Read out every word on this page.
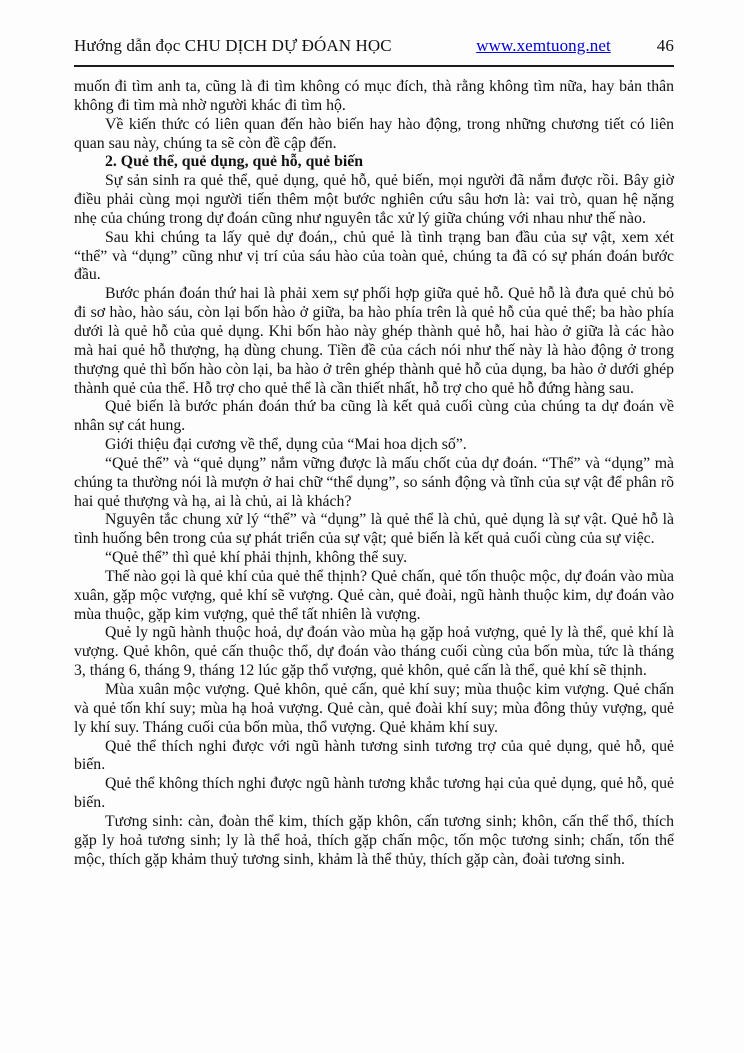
Hướng dẫn đọc CHU DỊCH DỰ ĐÓAN HỌC	www.xemtuong.net	46

muốn đi tìm anh ta, cũng là đi tìm không có mục đích, thà rằng không tìm nữa, hay bản thân không đi tìm mà nhờ người khác đi tìm hộ.

Về kiến thức có liên quan đến hào biến hay hào động, trong những chương tiết có liên quan sau này, chúng ta sẽ còn đề cập đến.

2. Quẻ thể, quẻ dụng, quẻ hỗ, quẻ biến

Sự sản sinh ra quẻ thể, quẻ dụng, quẻ hỗ, quẻ biến, mọi người đã nắm được rồi. Bây giờ điều phải cùng mọi người tiến thêm một bước nghiên cứu sâu hơn là: vai trò, quan hệ nặng nhẹ của chúng trong dự đoán cũng như nguyên tắc xử lý giữa chúng với nhau như thế nào.

Sau khi chúng ta lấy quẻ dự đoán,, chủ quẻ là tình trạng ban đầu của sự vật, xem xét “thể” và “dụng” cũng như vị trí của sáu hào của toàn quẻ, chúng ta đã có sự phán đoán bước đầu.

Bước phán đoán thứ hai là phải xem sự phối hợp giữa quẻ hỗ. Quẻ hỗ là đưa quẻ chủ bỏ đi sơ hào, hào sáu, còn lại bốn hào ở giữa, ba hào phía trên là quẻ hỗ của quẻ thể; ba hào phía dưới là quẻ hỗ của quẻ dụng. Khi bốn hào này ghép thành quẻ hỗ, hai hào ở giữa là các hào mà hai quẻ hỗ thượng, hạ dùng chung. Tiền đề của cách nói như thế này là hào động ở trong thượng quẻ thì bốn hào còn lại, ba hào ở trên ghép thành quẻ hỗ của dụng, ba hào ở dưới ghép thành quẻ của thể. Hỗ trợ cho quẻ thể là cần thiết nhất, hỗ trợ cho quẻ hỗ đứng hàng sau.

Quẻ biến là bước phán đoán thứ ba cũng là kết quả cuối cùng của chúng ta dự đoán về nhân sự cát hung.

Giới thiệu đại cương về thể, dụng của “Mai hoa dịch số”.

“Quẻ thể” và “quẻ dụng” nắm vững được là mấu chốt của dự đoán. “Thể” và “dụng” mà chúng ta thường nói là mượn ở hai chữ “thể dụng”, so sánh động và tĩnh của sự vật để phân rõ hai quẻ thượng và hạ, ai là chủ, ai là khách?

Nguyên tắc chung xử lý “thể” và “dụng” là quẻ thể là chủ, quẻ dụng là sự vật. Quẻ hỗ là tình huống bên trong của sự phát triển của sự vật; quẻ biến là kết quả cuối cùng của sự việc.

“Quẻ thể” thì quẻ khí phải thịnh, không thể suy.

Thế nào gọi là quẻ khí của quẻ thể thịnh? Quẻ chấn, quẻ tốn thuộc mộc, dự đoán vào mùa xuân, gặp mộc vượng, quẻ khí sẽ vượng. Quẻ càn, quẻ đoài, ngũ hành thuộc kim, dự đoán vào mùa thuộc, gặp kim vượng, quẻ thể tất nhiên là vượng.

Quẻ ly ngũ hành thuộc hoả, dự đoán vào mùa hạ gặp hoả vượng, quẻ ly là thể, quẻ khí là vượng. Quẻ khôn, quẻ cấn thuộc thổ, dự đoán vào tháng cuối cùng của bốn mùa, tức là tháng 3, tháng 6, tháng 9, tháng 12 lúc gặp thổ vượng, quẻ khôn, quẻ cấn là thể, quẻ khí sẽ thịnh.

Mùa xuân mộc vượng. Quẻ khôn, quẻ cấn, quẻ khí suy; mùa thuộc kim vượng. Quẻ chấn và quẻ tốn khí suy; mùa hạ hoả vượng. Quẻ càn, quẻ đoài khí suy; mùa đông thủy vượng, quẻ ly khí suy. Tháng cuối của bốn mùa, thổ vượng. Quẻ khảm khí suy.

Quẻ thể thích nghi được với ngũ hành tương sinh tương trợ của quẻ dụng, quẻ hỗ, quẻ biến.

Quẻ thể không thích nghi được ngũ hành tương khắc tương hại của quẻ dụng, quẻ hỗ, quẻ biến.

Tương sinh: càn, đoàn thể kim, thích gặp khôn, cấn tương sinh; khôn, cấn thể thổ, thích gặp ly hoả tương sinh; ly là thể hoả, thích gặp chấn mộc, tốn mộc tương sinh; chấn, tốn thể mộc, thích gặp khảm thuỷ tương sinh, khảm là thể thủy, thích gặp càn, đoài tương sinh.
